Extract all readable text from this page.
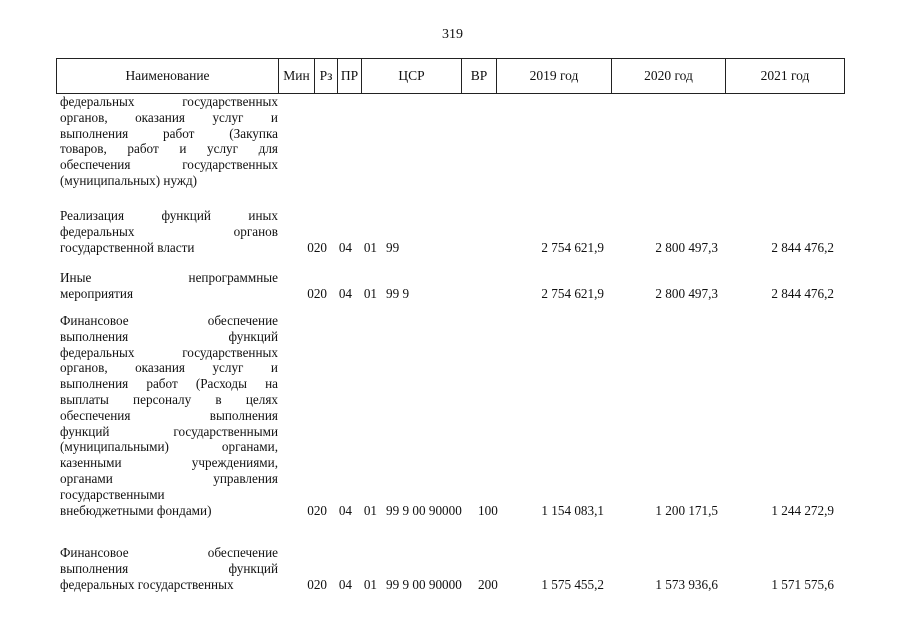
319
Наименование	Мин Рз ПР	ЦСР	ВР	2019 год	2020 год	2021 год
федеральных государственных
органов, оказания услуг и
выполнения работ (Закупка
товаров, работ и услуг для
обеспечения государственных
(муниципальных) нужд)
Реализация функций иных
федеральных органов
государственной власти	020 04 01 99	2 754 621,9	2 800 497,3	2 844 476,2
Иные непрограммные
мероприятия	020 04 01 99 9	2 754 621,9	2 800 497,3	2 844 476,2
Финансовое обеспечение
выполнения функций
федеральных государственных
органов, оказания услуг и
выполнения работ (Расходы на
выплаты персоналу в целях
обеспечения выполнения
функций государственными
(муниципальными) органами,
казенными учреждениями,
органами управления
государственными
внебюджетными фондами)	020 04 01 99 9 00 90000	100	1 154 083,1	1 200 171,5	1 244 272,9
Финансовое обеспечение
выполнения функций
федеральных государственных	020 04 01 99 9 00 90000	200	1 575 455,2	1 573 936,6	1 571 575,6
